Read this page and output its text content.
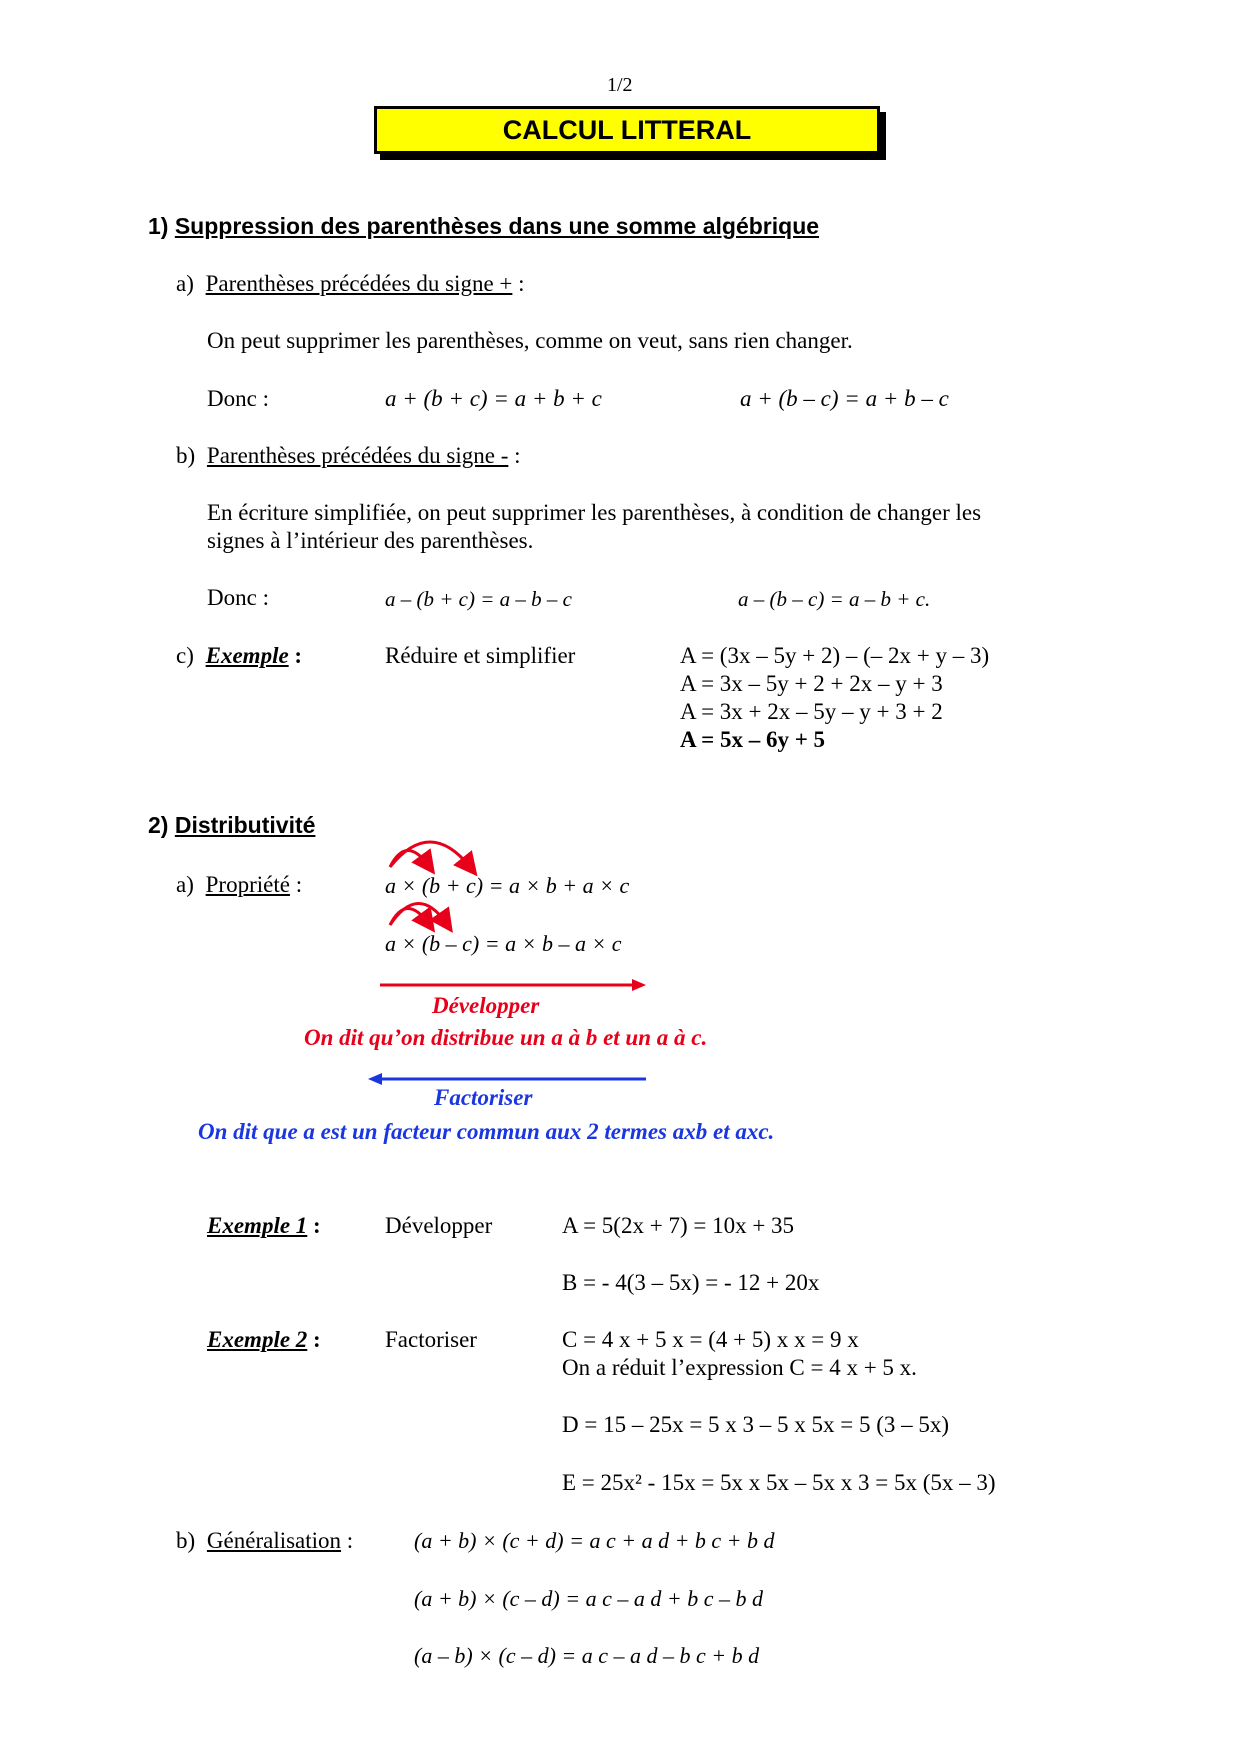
1/2
CALCUL LITTERAL
1) Suppression des parenthèses dans une somme algébrique
a) Parenthèses précédées du signe + :
On peut supprimer les parenthèses, comme on veut, sans rien changer.
Donc :	a + (b + c) = a + b + c	a + (b – c) = a + b – c
b) Parenthèses précédées du signe - :
En écriture simplifiée, on peut supprimer les parenthèses, à condition de changer les
signes à l’intérieur des parenthèses.
Donc :	a – (b + c) = a – b – c	a – (b – c) = a – b + c.
c) Exemple :	Réduire et simplifier	A = (3x – 5y + 2) – (– 2x + y – 3)
A = 3x – 5y + 2 + 2x – y + 3
A = 3x + 2x – 5y – y + 3 + 2
A = 5x – 6y + 5
2) Distributivité
a) Propriété :	a × (b + c) = a × b + a × c
a × (b – c) = a × b – a × c
Développer
On dit qu’on distribue un a à b et un a à c.
Factoriser
On dit que a est un facteur commun aux 2 termes axb et axc.
Exemple 1 :	Développer	A = 5(2x + 7) = 10x + 35
B = - 4(3 – 5x) = - 12 + 20x
Exemple 2 :	Factoriser	C = 4 x + 5 x = (4 + 5) x x = 9 x
On a réduit l’expression C = 4 x + 5 x.
D = 15 – 25x = 5 x 3 – 5 x 5x = 5 (3 – 5x)
E = 25x² - 15x = 5x x 5x – 5x x 3 = 5x (5x – 3)
b) Généralisation :	(a + b) × (c + d) = a c + a d + b c + b d
(a + b) × (c – d) = a c – a d + b c – b d
(a – b) × (c – d) = a c – a d – b c + b d
